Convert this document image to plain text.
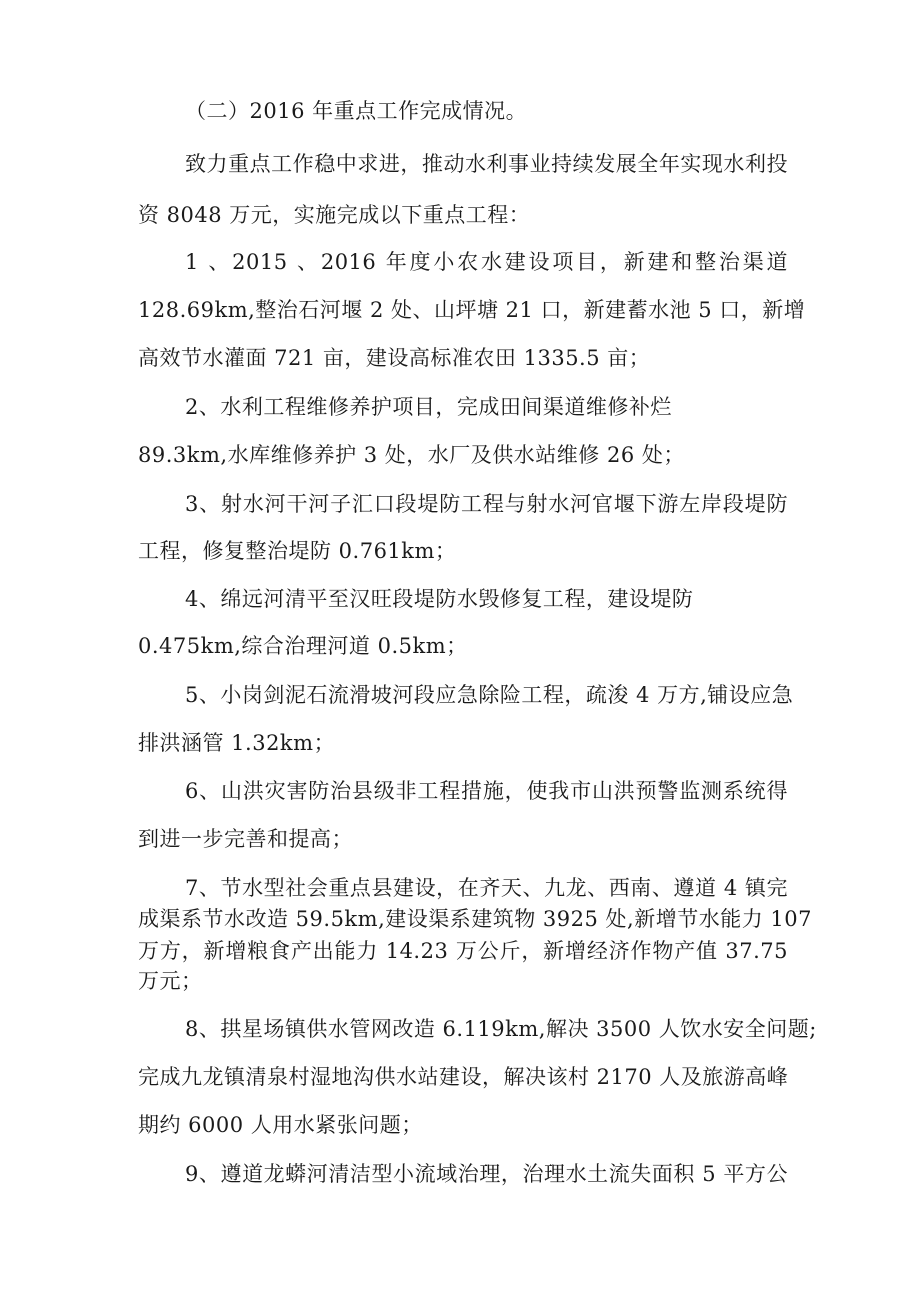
（二）2016 年重点工作完成情况。
致力重点工作稳中求进，推动水利事业持续发展全年实现水利投
资 8048 万元，实施完成以下重点工程：
1 、2015 、2016 年度小农水建设项目，新建和整治渠道
128.69km,整治石河堰 2 处、山坪塘 21 口，新建蓄水池 5 口，新增
高效节水灌面 721 亩，建设高标准农田 1335.5 亩；
2、水利工程维修养护项目，完成田间渠道维修补烂
89.3km,水库维修养护 3 处，水厂及供水站维修 26 处；
3、射水河干河子汇口段堤防工程与射水河官堰下游左岸段堤防
工程，修复整治堤防 0.761km；
4、绵远河清平至汉旺段堤防水毁修复工程，建设堤防
0.475km,综合治理河道 0.5km；
5、小岗剑泥石流滑坡河段应急除险工程，疏浚 4 万方,铺设应急
排洪涵管 1.32km；
6、山洪灾害防治县级非工程措施，使我市山洪预警监测系统得
到进一步完善和提高；
7、节水型社会重点县建设，在齐天、九龙、西南、遵道 4 镇完
成渠系节水改造 59.5km,建设渠系建筑物 3925 处,新增节水能力 107
万方，新增粮食产出能力 14.23 万公斤，新增经济作物产值 37.75
万元；
8、拱星场镇供水管网改造 6.119km,解决 3500 人饮水安全问题;
完成九龙镇清泉村湿地沟供水站建设，解决该村 2170 人及旅游高峰
期约 6000 人用水紧张问题；
9、遵道龙蟒河清洁型小流域治理，治理水土流失面积 5 平方公
